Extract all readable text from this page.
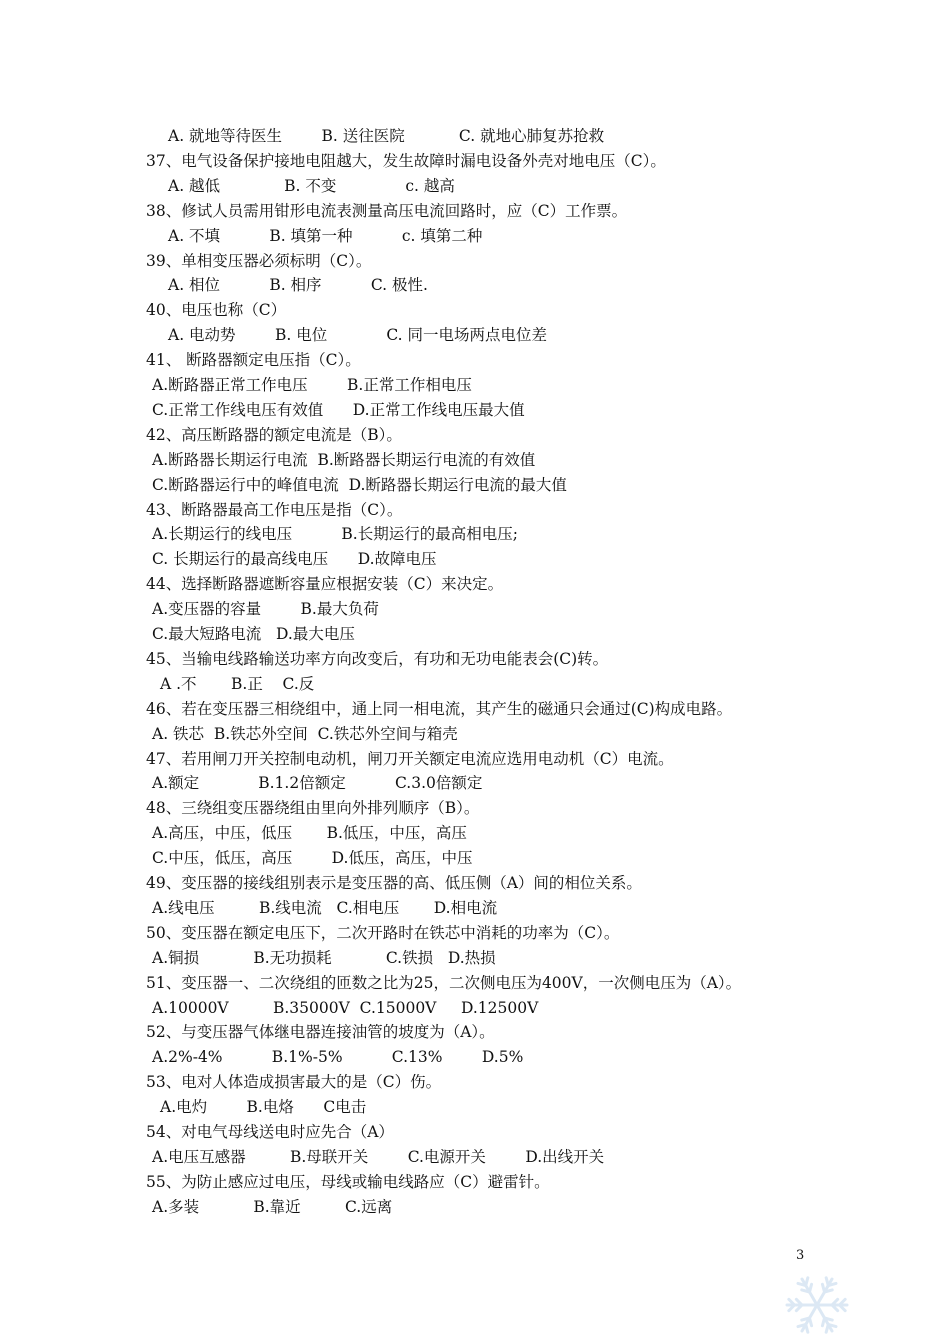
A. 就地等待医生        B. 送往医院           C. 就地心肺复苏抢救
37、电气设备保护接地电阻越大，发生故障时漏电设备外壳对地电压（C）。
A. 越低             B. 不变              c. 越高
38、修试人员需用钳形电流表测量高压电流回路时，应（C）工作票。
A. 不填          B. 填第一种          c. 填第二种
39、单相变压器必须标明（C）。
A. 相位          B. 相序          C. 极性.
40、电压也称（C）
A. 电动势        B. 电位            C. 同一电场两点电位差
41、 断路器额定电压指（C）。
A.断路器正常工作电压        B.正常工作相电压
C.正常工作线电压有效值      D.正常工作线电压最大值
42、高压断路器的额定电流是（B）。
A.断路器长期运行电流  B.断路器长期运行电流的有效值
C.断路器运行中的峰值电流  D.断路器长期运行电流的最大值
43、断路器最高工作电压是指（C）。
A.长期运行的线电压          B.长期运行的最高相电压;
C. 长期运行的最高线电压      D.故障电压
44、选择断路器遮断容量应根据安装（C）来决定。
A.变压器的容量        B.最大负荷
C.最大短路电流   D.最大电压
45、当输电线路输送功率方向改变后，有功和无功电能表会(C)转。
A .不       B.正    C.反
46、若在变压器三相绕组中，通上同一相电流，其产生的磁通只会通过(C)构成电路。
A. 铁芯  B.铁芯外空间  C.铁芯外空间与箱壳
47、若用闸刀开关控制电动机，闸刀开关额定电流应选用电动机（C）电流。
A.额定            B.1.2倍额定          C.3.0倍额定
48、三绕组变压器绕组由里向外排列顺序（B）。
A.高压，中压，低压       B.低压，中压，高压
C.中压，低压，高压        D.低压，高压，中压
49、变压器的接线组别表示是变压器的高、低压侧（A）间的相位关系。
A.线电压         B.线电流   C.相电压       D.相电流
50、变压器在额定电压下，二次开路时在铁芯中消耗的功率为（C）。
A.铜损           B.无功损耗           C.铁损   D.热损
51、变压器一、二次绕组的匝数之比为25，二次侧电压为400V，一次侧电压为（A）。
A.10000V         B.35000V  C.15000V     D.12500V
52、与变压器气体继电器连接油管的坡度为（A）。
A.2%-4%          B.1%-5%          C.13%        D.5%
53、电对人体造成损害最大的是（C）伤。
A.电灼        B.电烙      C电击
54、对电气母线送电时应先合（A）
A.电压互感器         B.母联开关        C.电源开关        D.出线开关
55、为防止感应过电压，母线或输电线路应（C）避雷针。
A.多装           B.靠近         C.远离
3
